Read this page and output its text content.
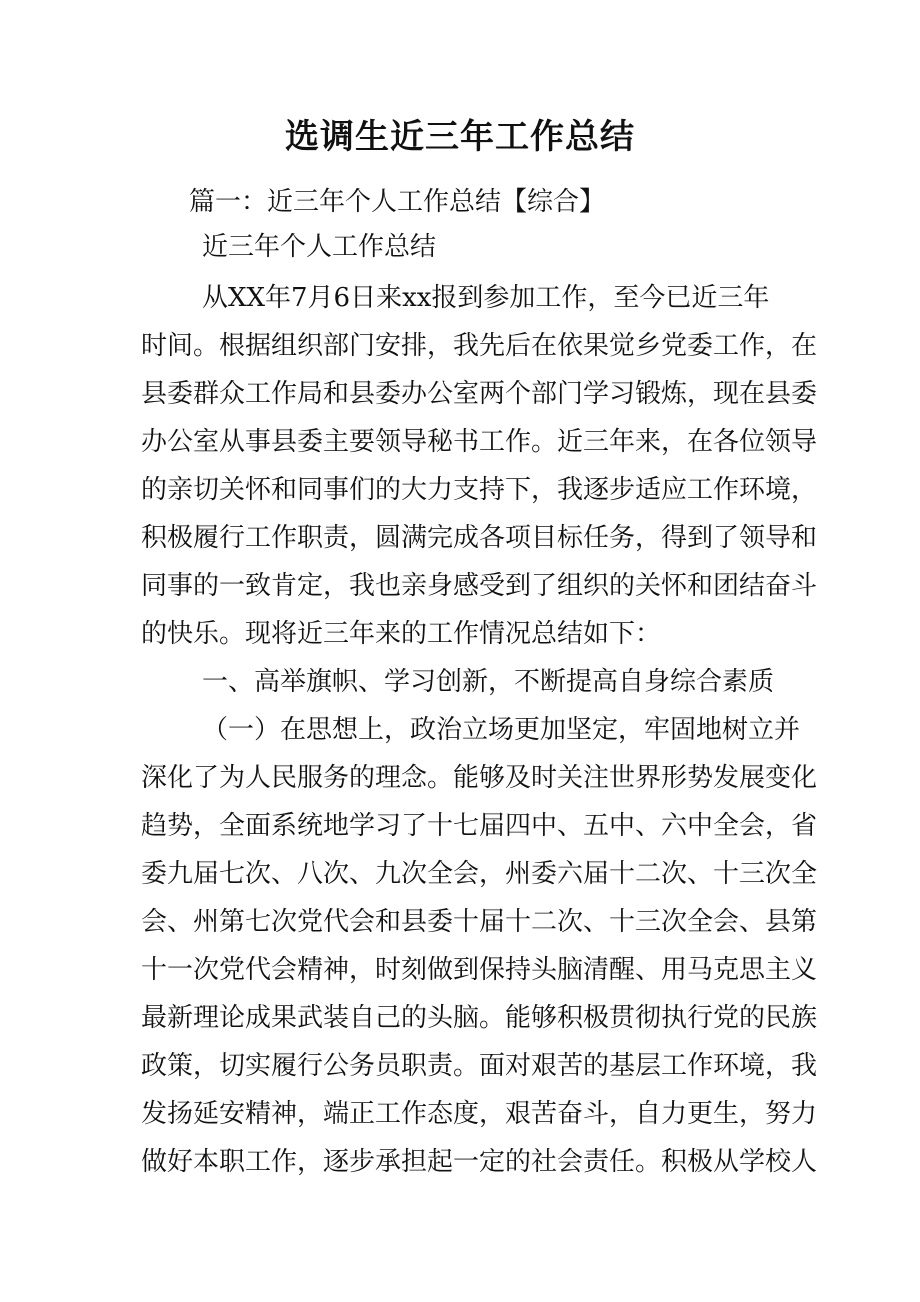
选调生近三年工作总结
篇一：近三年个人工作总结【综合】
近三年个人工作总结
从XX年7月6日来xx报到参加工作，至今已近三年
时间。根据组织部门安排，我先后在依果觉乡党委工作，在
县委群众工作局和县委办公室两个部门学习锻炼，现在县委
办公室从事县委主要领导秘书工作。近三年来，在各位领导
的亲切关怀和同事们的大力支持下，我逐步适应工作环境，
积极履行工作职责，圆满完成各项目标任务，得到了领导和
同事的一致肯定，我也亲身感受到了组织的关怀和团结奋斗
的快乐。现将近三年来的工作情况总结如下：
一、高举旗帜、学习创新，不断提高自身综合素质
（一）在思想上，政治立场更加坚定，牢固地树立并
深化了为人民服务的理念。能够及时关注世界形势发展变化
趋势，全面系统地学习了十七届四中、五中、六中全会，省
委九届七次、八次、九次全会，州委六届十二次、十三次全
会、州第七次党代会和县委十届十二次、十三次全会、县第
十一次党代会精神，时刻做到保持头脑清醒、用马克思主义
最新理论成果武装自己的头脑。能够积极贯彻执行党的民族
政策，切实履行公务员职责。面对艰苦的基层工作环境，我
发扬延安精神，端正工作态度，艰苦奋斗，自力更生，努力
做好本职工作，逐步承担起一定的社会责任。积极从学校人
